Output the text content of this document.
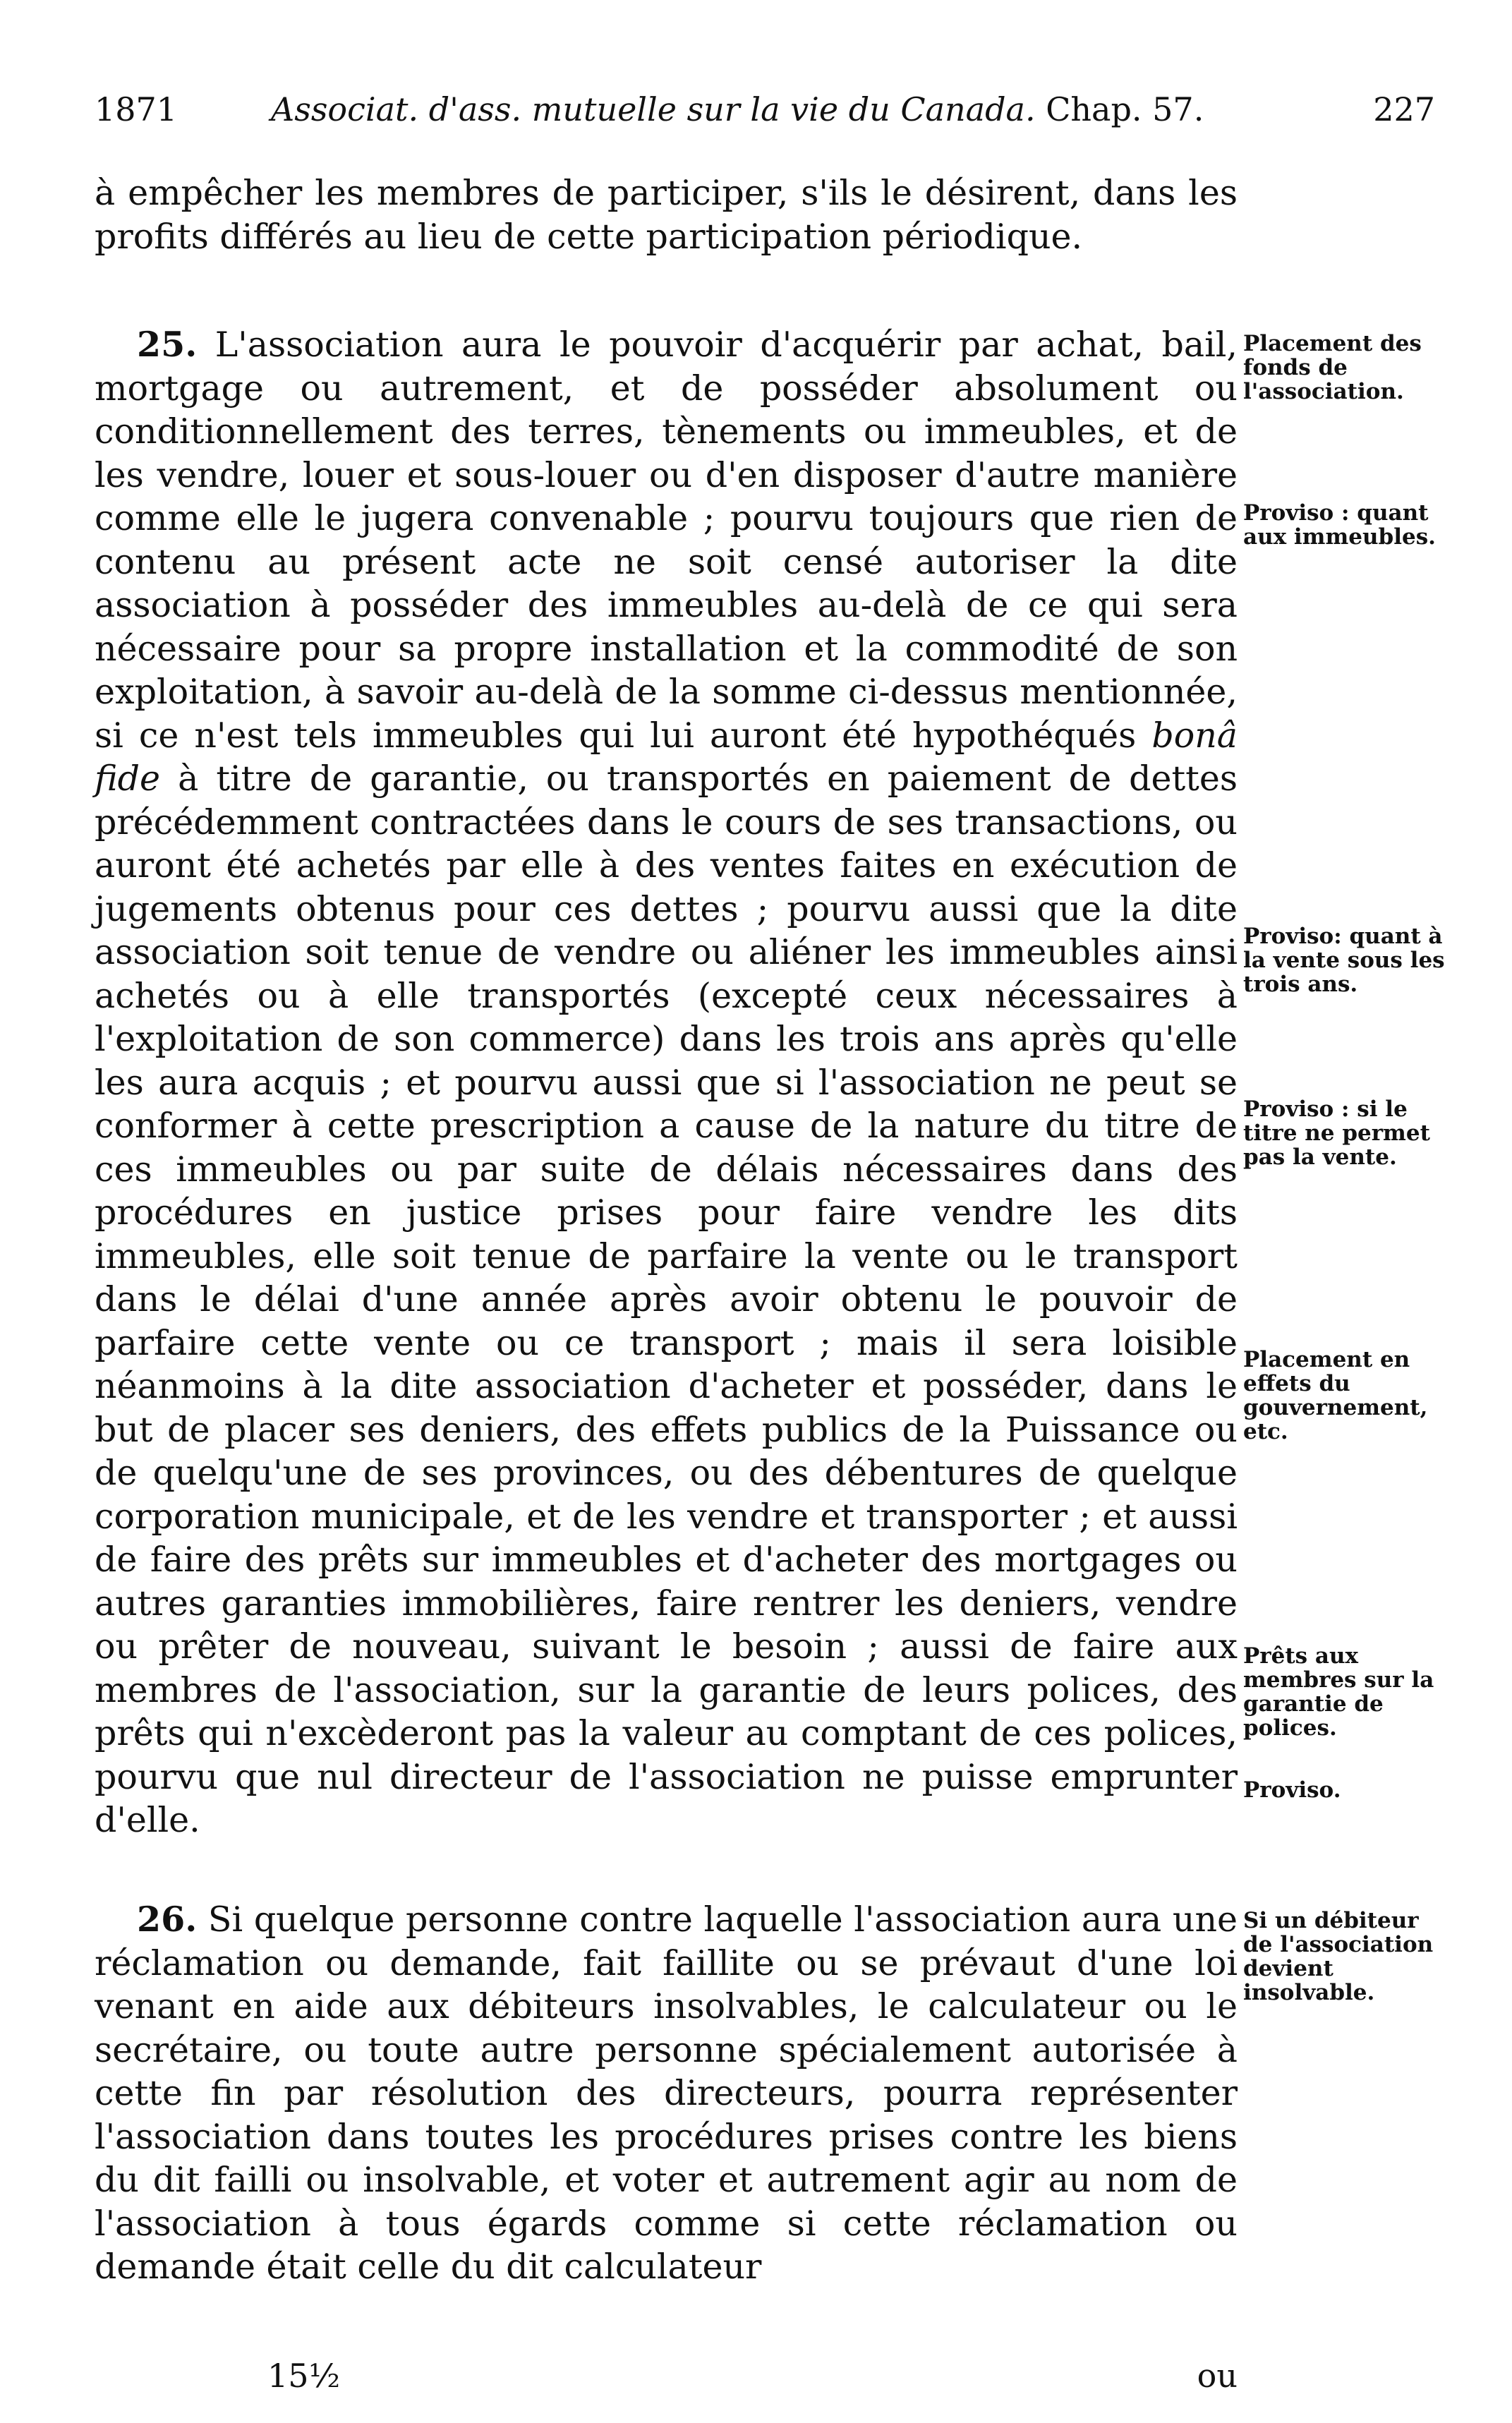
1871	Associat. d'ass. mutuelle sur la vie du Canada. Chap. 57.	227

à empêcher les membres de participer, s'ils le désirent, dans les profits différés au lieu de cette participation périodique.

25. L'association aura le pouvoir d'acquérir par achat, bail, mortgage ou autrement, et de posséder absolument ou conditionnellement des terres, tènements ou immeubles, et de les vendre, louer et sous-louer ou d'en disposer d'autre manière comme elle le jugera convenable ; pourvu toujours que rien de contenu au présent acte ne soit censé autoriser la dite association à posséder des immeubles au-delà de ce qui sera nécessaire pour sa propre installation et la commodité de son exploitation, à savoir au-delà de la somme ci-dessus mentionnée, si ce n'est tels immeubles qui lui auront été hypothéqués bonâ fide à titre de garantie, ou transportés en paiement de dettes précédemment contractées dans le cours de ses transactions, ou auront été achetés par elle à des ventes faites en exécution de jugements obtenus pour ces dettes ; pourvu aussi que la dite association soit tenue de vendre ou aliéner les immeubles ainsi achetés ou à elle transportés (excepté ceux nécessaires à l'exploitation de son commerce) dans les trois ans après qu'elle les aura acquis ; et pourvu aussi que si l'association ne peut se conformer à cette prescription a cause de la nature du titre de ces immeubles ou par suite de délais nécessaires dans des procédures en justice prises pour faire vendre les dits immeubles, elle soit tenue de parfaire la vente ou le transport dans le délai d'une année après avoir obtenu le pouvoir de parfaire cette vente ou ce transport ; mais il sera loisible néanmoins à la dite association d'acheter et posséder, dans le but de placer ses deniers, des effets publics de la Puissance ou de quelqu'une de ses provinces, ou des débentures de quelque corporation municipale, et de les vendre et transporter ; et aussi de faire des prêts sur immeubles et d'acheter des mortgages ou autres garanties immobilières, faire rentrer les deniers, vendre ou prêter de nouveau, suivant le besoin ; aussi de faire aux membres de l'association, sur la garantie de leurs polices, des prêts qui n'excèderont pas la valeur au comptant de ces polices, pourvu que nul directeur de l'association ne puisse emprunter d'elle.

26. Si quelque personne contre laquelle l'association aura une réclamation ou demande, fait faillite ou se prévaut d'une loi venant en aide aux débiteurs insolvables, le calculateur ou le secrétaire, ou toute autre personne spécialement autorisée à cette fin par résolution des directeurs, pourra représenter l'association dans toutes les procédures prises contre les biens du dit failli ou insolvable, et voter et autrement agir au nom de l'association à tous égards comme si cette réclamation ou demande était celle du dit calculateur

Placement des fonds de l'association.
Proviso : quant aux immeubles.
Proviso: quant à la vente sous les trois ans.
Proviso : si le titre ne permet pas la vente.
Placement en effets du gouvernement, etc.
Prêts aux membres sur la garantie de polices.
Proviso.
Si un débiteur de l'association devient insolvable.
15½	ou
